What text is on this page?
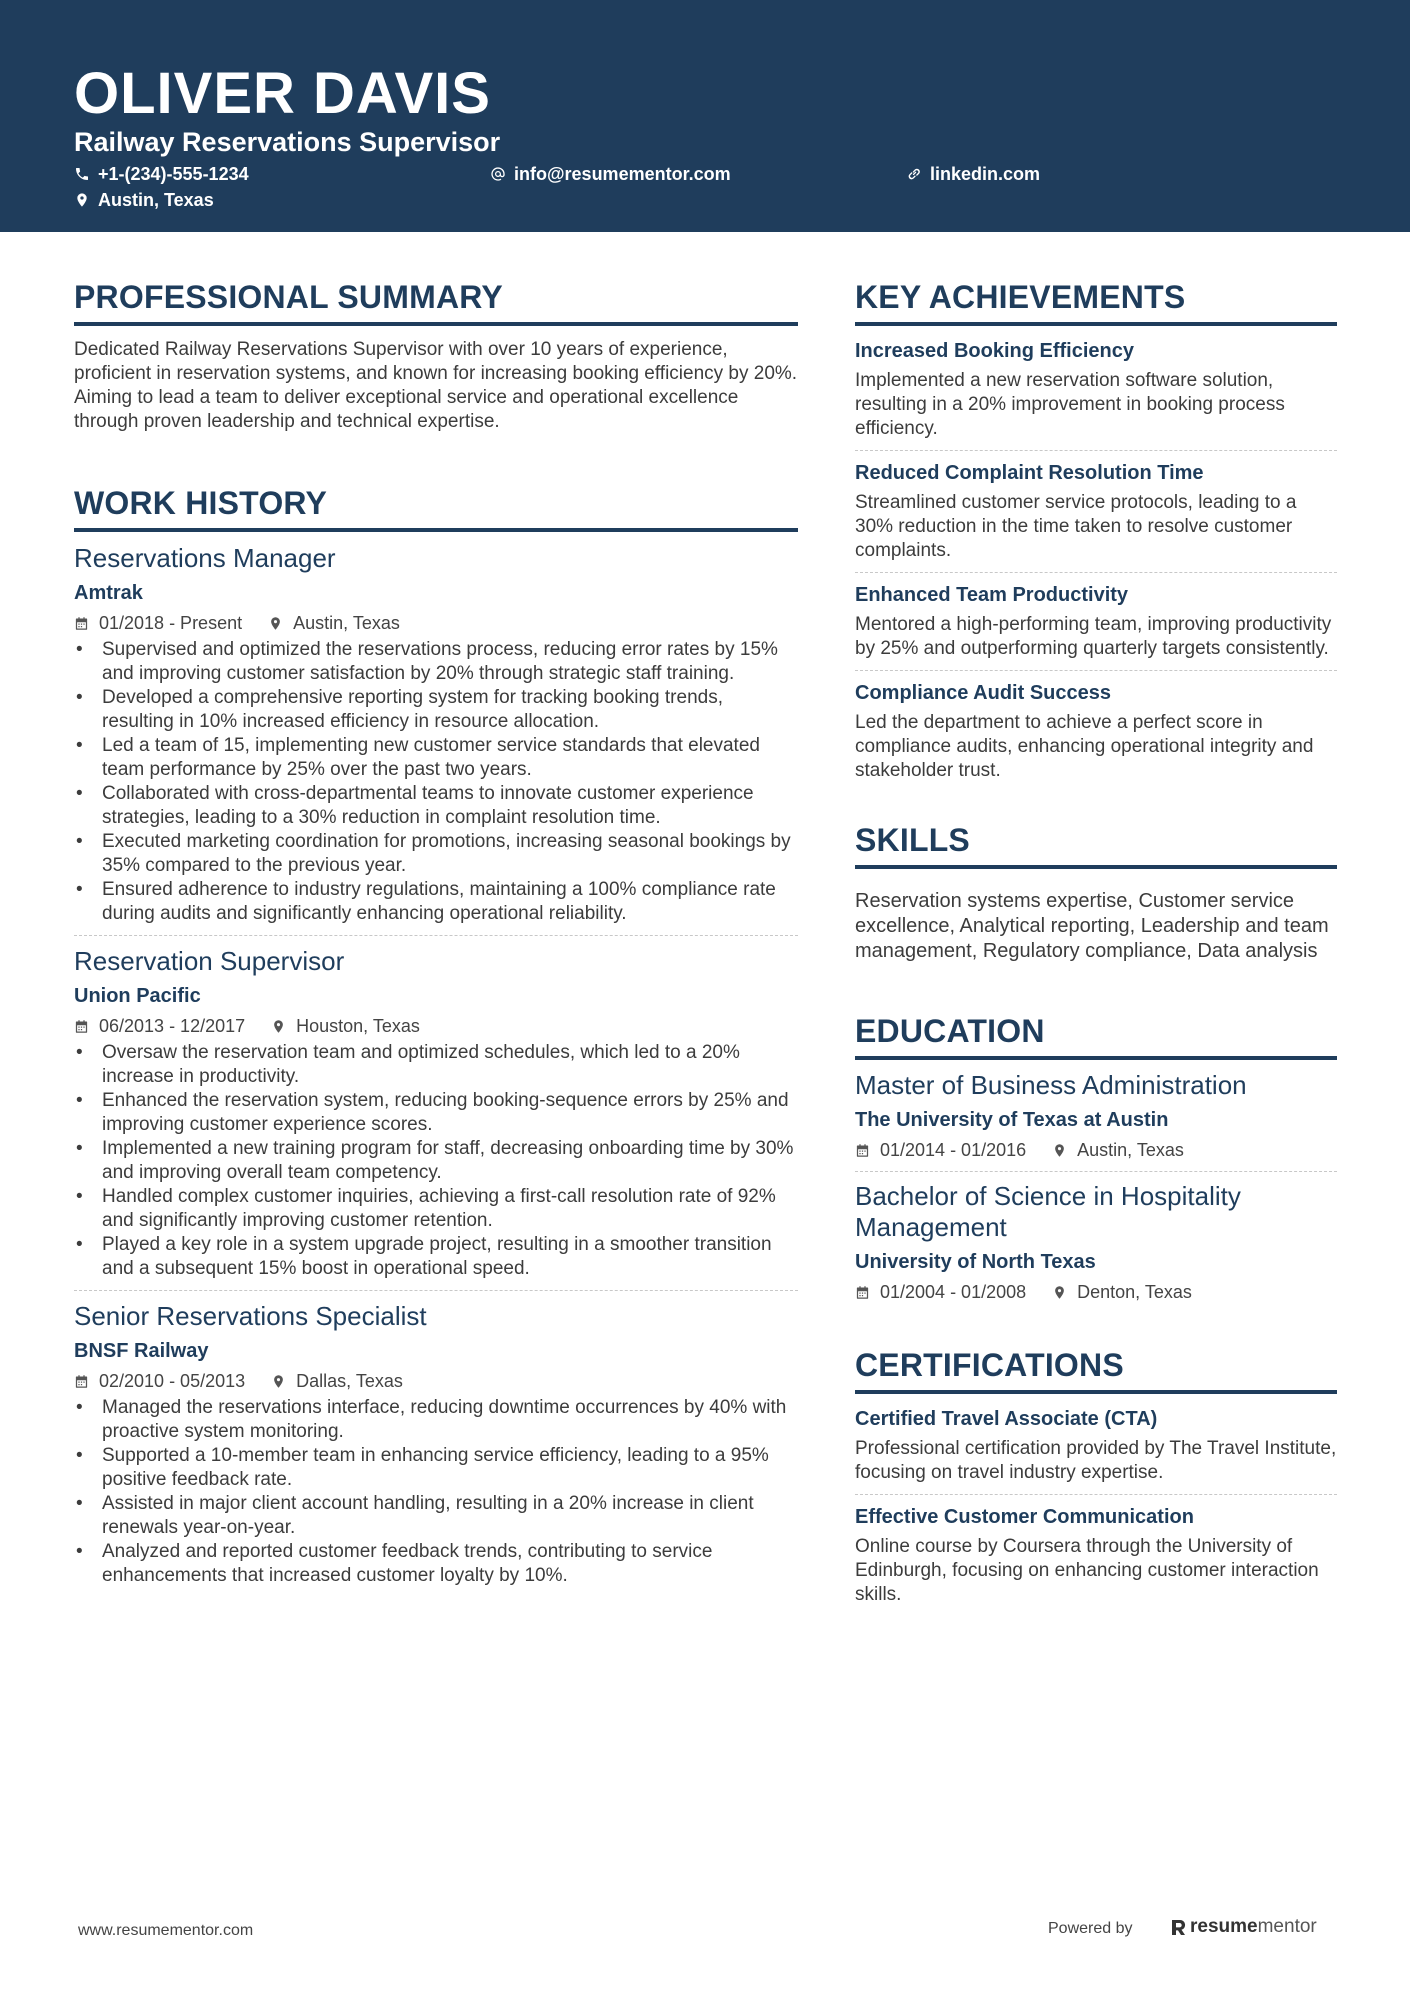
OLIVER DAVIS
Railway Reservations Supervisor
+1-(234)-555-1234	info@resumementor.com	linkedin.com
Austin, Texas
PROFESSIONAL SUMMARY

Dedicated Railway Reservations Supervisor with over 10 years of experience, proficient in reservation systems, and known for increasing booking efficiency by 20%. Aiming to lead a team to deliver exceptional service and operational excellence through proven leadership and technical expertise.

WORK HISTORY
Reservations Manager
Amtrak
01/2018 - Present	Austin, Texas
• Supervised and optimized the reservations process, reducing error rates by 15% and improving customer satisfaction by 20% through strategic staff training.
• Developed a comprehensive reporting system for tracking booking trends, resulting in 10% increased efficiency in resource allocation.
• Led a team of 15, implementing new customer service standards that elevated team performance by 25% over the past two years.
• Collaborated with cross-departmental teams to innovate customer experience strategies, leading to a 30% reduction in complaint resolution time.
• Executed marketing coordination for promotions, increasing seasonal bookings by 35% compared to the previous year.
• Ensured adherence to industry regulations, maintaining a 100% compliance rate during audits and significantly enhancing operational reliability.
Reservation Supervisor
Union Pacific
06/2013 - 12/2017	Houston, Texas
• Oversaw the reservation team and optimized schedules, which led to a 20% increase in productivity.
• Enhanced the reservation system, reducing booking-sequence errors by 25% and improving customer experience scores.
• Implemented a new training program for staff, decreasing onboarding time by 30% and improving overall team competency.
• Handled complex customer inquiries, achieving a first-call resolution rate of 92% and significantly improving customer retention.
• Played a key role in a system upgrade project, resulting in a smoother transition and a subsequent 15% boost in operational speed.
Senior Reservations Specialist
BNSF Railway
02/2010 - 05/2013	Dallas, Texas
• Managed the reservations interface, reducing downtime occurrences by 40% with proactive system monitoring.
• Supported a 10-member team in enhancing service efficiency, leading to a 95% positive feedback rate.
• Assisted in major client account handling, resulting in a 20% increase in client renewals year-on-year.
• Analyzed and reported customer feedback trends, contributing to service enhancements that increased customer loyalty by 10%.
KEY ACHIEVEMENTS
Increased Booking Efficiency

Implemented a new reservation software solution, resulting in a 20% improvement in booking process efficiency.

Reduced Complaint Resolution Time

Streamlined customer service protocols, leading to a 30% reduction in the time taken to resolve customer complaints.

Enhanced Team Productivity

Mentored a high-performing team, improving productivity by 25% and outperforming quarterly targets consistently.

Compliance Audit Success

Led the department to achieve a perfect score in compliance audits, enhancing operational integrity and stakeholder trust.

SKILLS

Reservation systems expertise, Customer service excellence, Analytical reporting, Leadership and team management, Regulatory compliance, Data analysis

EDUCATION
Master of Business Administration
The University of Texas at Austin
01/2014 - 01/2016	Austin, Texas
Bachelor of Science in Hospitality Management
University of North Texas
01/2004 - 01/2008	Denton, Texas
CERTIFICATIONS
Certified Travel Associate (CTA)

Professional certification provided by The Travel Institute, focusing on travel industry expertise.

Effective Customer Communication

Online course by Coursera through the University of Edinburgh, focusing on enhancing customer interaction skills.

www.resumementor.com	Powered by	resume mentor
